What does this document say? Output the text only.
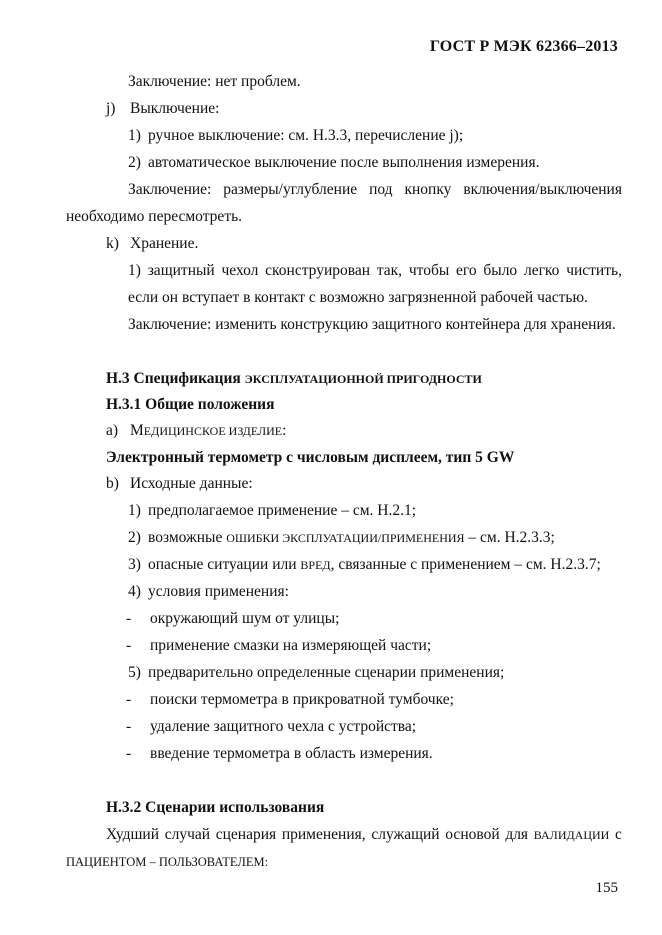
ГОСТ Р МЭК 62366–2013
Заключение: нет проблем.
j) Выключение:
1) ручное выключение: см. Н.3.3, перечисление j);
2) автоматическое выключение после выполнения измерения.
Заключение: размеры/углубление под кнопку включения/выключения
необходимо пересмотреть.
k) Хранение.
1) защитный чехол сконструирован так, чтобы его было легко чистить,
если он вступает в контакт с возможно загрязненной рабочей частью.
Заключение: изменить конструкцию защитного контейнера для хранения.
Н.3 Спецификация ЭКСПЛУАТАЦИОННОЙ ПРИГОДНОСТИ
Н.3.1 Общие положения
а) МЕДИЦИНСКОЕ ИЗДЕЛИЕ:
Электронный термометр с числовым дисплеем, тип 5 GW
b) Исходные данные:
1) предполагаемое применение – см. Н.2.1;
2) возможные ОШИБКИ ЭКСПЛУАТАЦИИ/ПРИМЕНЕНИЯ – см. Н.2.3.3;
3) опасные ситуации или ВРЕД, связанные с применением – см. Н.2.3.7;
4) условия применения:
- окружающий шум от улицы;
- применение смазки на измеряющей части;
5) предварительно определенные сценарии применения;
- поиски термометра в прикроватной тумбочке;
- удаление защитного чехла с устройства;
- введение термометра в область измерения.
Н.3.2 Сценарии использования
Худший случай сценария применения, служащий основой для ВАЛИДАЦИИ с
ПАЦИЕНТОМ – ПОЛЬЗОВАТЕЛЕМ:
155
